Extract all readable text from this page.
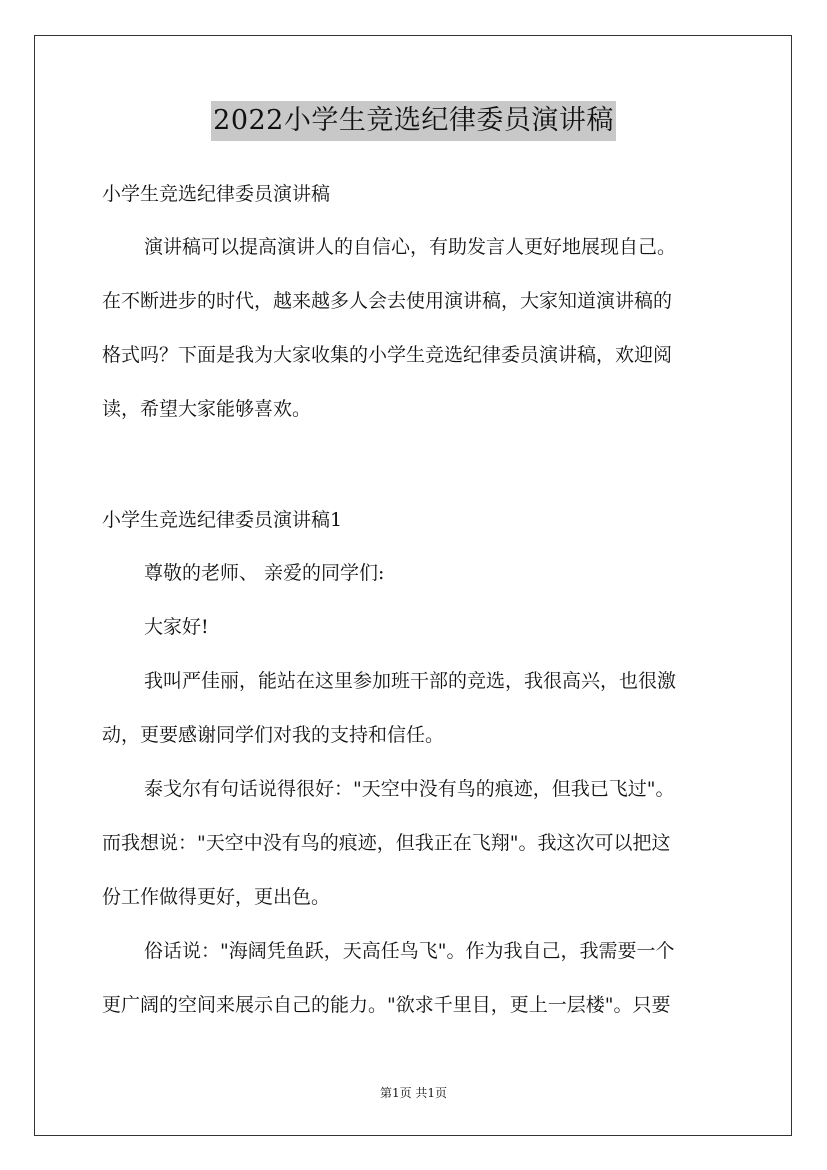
2022小学生竞选纪律委员演讲稿
小学生竞选纪律委员演讲稿
演讲稿可以提高演讲人的自信心，有助发言人更好地展现自己。
在不断进步的时代，越来越多人会去使用演讲稿，大家知道演讲稿的
格式吗？下面是我为大家收集的小学生竞选纪律委员演讲稿，欢迎阅
读，希望大家能够喜欢。
小学生竞选纪律委员演讲稿1
尊敬的老师、 亲爱的同学们:
大家好!
我叫严佳丽，能站在这里参加班干部的竞选，我很高兴，也很激
动，更要感谢同学们对我的支持和信任。
泰戈尔有句话说得很好："天空中没有鸟的痕迹，但我已飞过"。
而我想说："天空中没有鸟的痕迹，但我正在飞翔"。我这次可以把这
份工作做得更好，更出色。
俗话说："海阔凭鱼跃，天高任鸟飞"。作为我自己，我需要一个
更广阔的空间来展示自己的能力。"欲求千里目，更上一层楼"。只要
第1页 共1页
